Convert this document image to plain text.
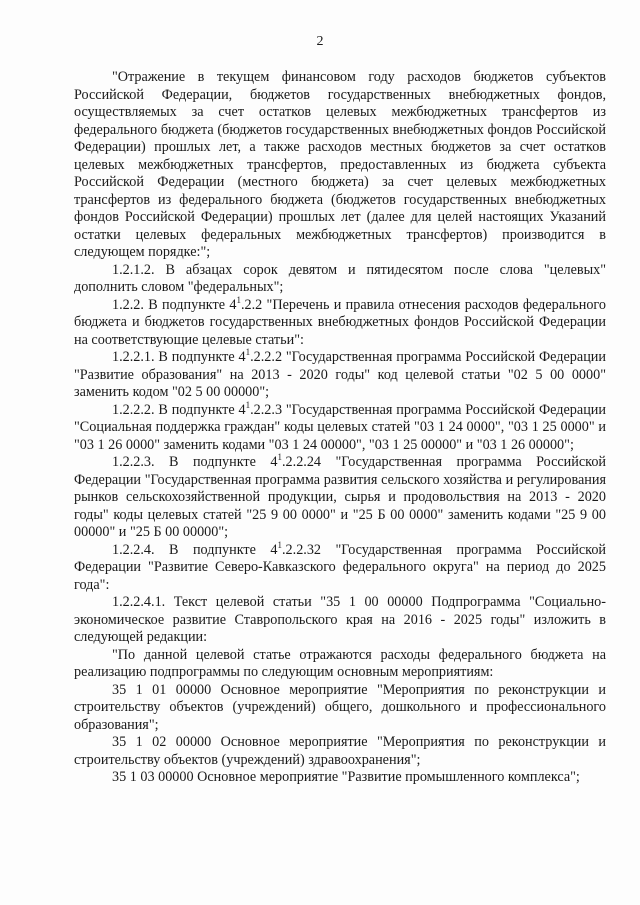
2

"Отражение в текущем финансовом году расходов бюджетов субъектов Российской Федерации, бюджетов государственных внебюджетных фондов, осуществляемых за счет остатков целевых межбюджетных трансфертов из федерального бюджета (бюджетов государственных внебюджетных фондов Российской Федерации) прошлых лет, а также расходов местных бюджетов за счет остатков целевых межбюджетных трансфертов, предоставленных из бюджета субъекта Российской Федерации (местного бюджета) за счет целевых межбюджетных трансфертов из федерального бюджета (бюджетов государственных внебюджетных фондов Российской Федерации) прошлых лет (далее для целей настоящих Указаний остатки целевых федеральных межбюджетных трансфертов) производится в следующем порядке:";

1.2.1.2. В абзацах сорок девятом и пятидесятом после слова "целевых" дополнить словом "федеральных";

1.2.2. В подпункте $4^1.2.2$ "Перечень и правила отнесения расходов федерального бюджета и бюджетов государственных внебюджетных фондов Российской Федерации на соответствующие целевые статьи":

1.2.2.1. В подпункте $4^1.2.2.2$ "Государственная программа Российской Федерации "Развитие образования" на 2013 - 2020 годы" код целевой статьи "02 5 00 0000" заменить кодом "02 5 00 00000";

1.2.2.2. В подпункте $4^1.2.2.3$ "Государственная программа Российской Федерации "Социальная поддержка граждан" коды целевых статей "03 1 24 0000", "03 1 25 0000" и "03 1 26 0000" заменить кодами "03 1 24 00000", "03 1 25 00000" и "03 1 26 00000";

1.2.2.3. В подпункте $4^1.2.2.24$ "Государственная программа Российской Федерации "Государственная программа развития сельского хозяйства и регулирования рынков сельскохозяйственной продукции, сырья и продовольствия на 2013 - 2020 годы" коды целевых статей "25 9 00 0000" и "25 Б 00 0000" заменить кодами "25 9 00 00000" и "25 Б 00 00000";

1.2.2.4. В подпункте $4^1.2.2.32$ "Государственная программа Российской Федерации "Развитие Северо-Кавказского федерального округа" на период до 2025 года":

1.2.2.4.1. Текст целевой статьи "35 1 00 00000 Подпрограмма "Социально-экономическое развитие Ставропольского края на 2016 - 2025 годы" изложить в следующей редакции:

"По данной целевой статье отражаются расходы федерального бюджета на реализацию подпрограммы по следующим основным мероприятиям:

35 1 01 00000 Основное мероприятие "Мероприятия по реконструкции и строительству объектов (учреждений) общего, дошкольного и профессионального образования";

35 1 02 00000 Основное мероприятие "Мероприятия по реконструкции и строительству объектов (учреждений) здравоохранения";

35 1 03 00000 Основное мероприятие "Развитие промышленного комплекса";
